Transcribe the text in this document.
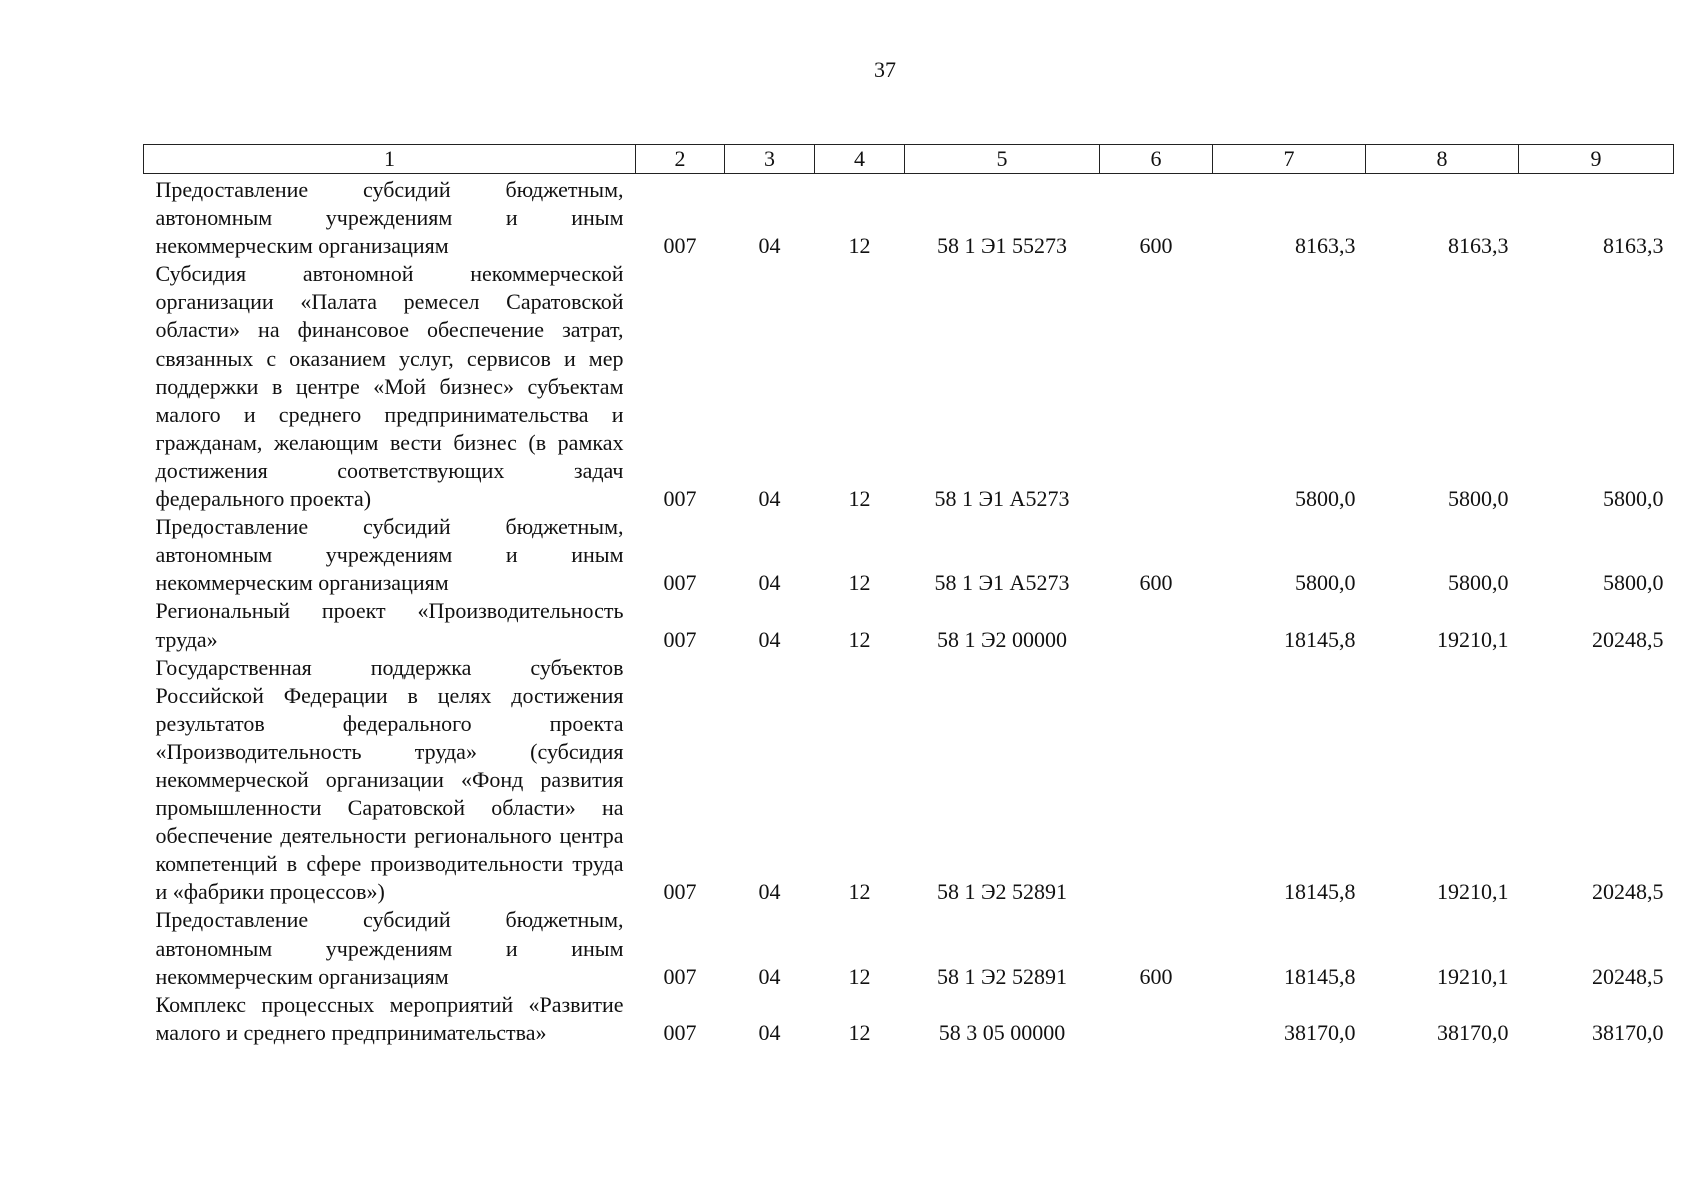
37
1	2	3	4	5	6	7	8	9
Предоставление субсидий бюджетным, автономным учреждениям и иным некоммерческим организациям	007	04	12	58 1 Э1 55273	600	8163,3	8163,3	8163,3
Субсидия автономной некоммерческой организации «Палата ремесел Саратовской области» на финансовое обеспечение затрат, связанных с оказанием услуг, сервисов и мер поддержки в центре «Мой бизнес» субъектам малого и среднего предпринимательства и гражданам, желающим вести бизнес (в рамках достижения соответствующих задач федерального проекта)	007	04	12	58 1 Э1 А5273		5800,0	5800,0	5800,0
Предоставление субсидий бюджетным, автономным учреждениям и иным некоммерческим организациям	007	04	12	58 1 Э1 А5273	600	5800,0	5800,0	5800,0
Региональный проект «Производительность труда»	007	04	12	58 1 Э2 00000		18145,8	19210,1	20248,5
Государственная поддержка субъектов Российской Федерации в целях достижения результатов федерального проекта «Производительность труда» (субсидия некоммерческой организации «Фонд развития промышленности Саратовской области» на обеспечение деятельности регионального центра компетенций в сфере производительности труда и «фабрики процессов»)	007	04	12	58 1 Э2 52891		18145,8	19210,1	20248,5
Предоставление субсидий бюджетным, автономным учреждениям и иным некоммерческим организациям	007	04	12	58 1 Э2 52891	600	18145,8	19210,1	20248,5
Комплекс процессных мероприятий «Развитие малого и среднего предпринимательства»	007	04	12	58 3 05 00000		38170,0	38170,0	38170,0
